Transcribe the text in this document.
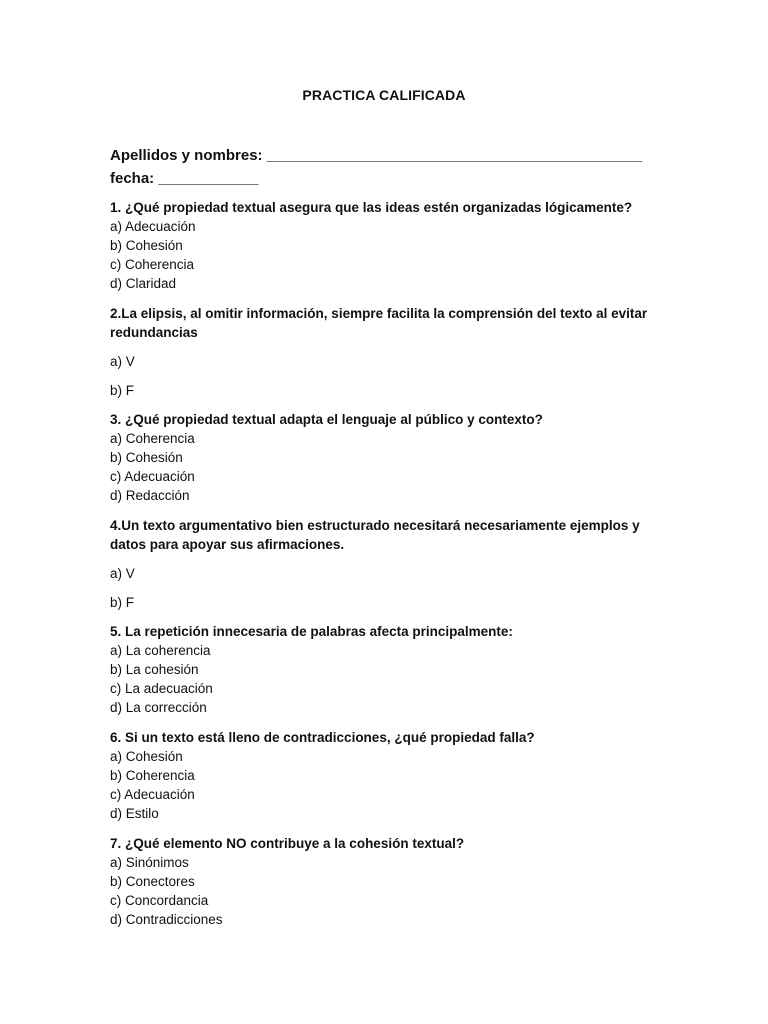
PRACTICA CALIFICADA
Apellidos y nombres: _____________________________________________
fecha: ____________
1. ¿Qué propiedad textual asegura que las ideas estén organizadas lógicamente?
a) Adecuación
b) Cohesión
c) Coherencia
d) Claridad
2.La elipsis, al omitir información, siempre facilita la comprensión del texto al evitar redundancias
a) V
b) F
3. ¿Qué propiedad textual adapta el lenguaje al público y contexto?
a) Coherencia
b) Cohesión
c) Adecuación
d) Redacción
4.Un texto argumentativo bien estructurado necesitará necesariamente ejemplos y datos para apoyar sus afirmaciones.
a) V
b) F
5. La repetición innecesaria de palabras afecta principalmente:
a) La coherencia
b) La cohesión
c) La adecuación
d) La corrección
6. Si un texto está lleno de contradicciones, ¿qué propiedad falla?
a) Cohesión
b) Coherencia
c) Adecuación
d) Estilo
7. ¿Qué elemento NO contribuye a la cohesión textual?
a) Sinónimos
b) Conectores
c) Concordancia
d) Contradicciones
